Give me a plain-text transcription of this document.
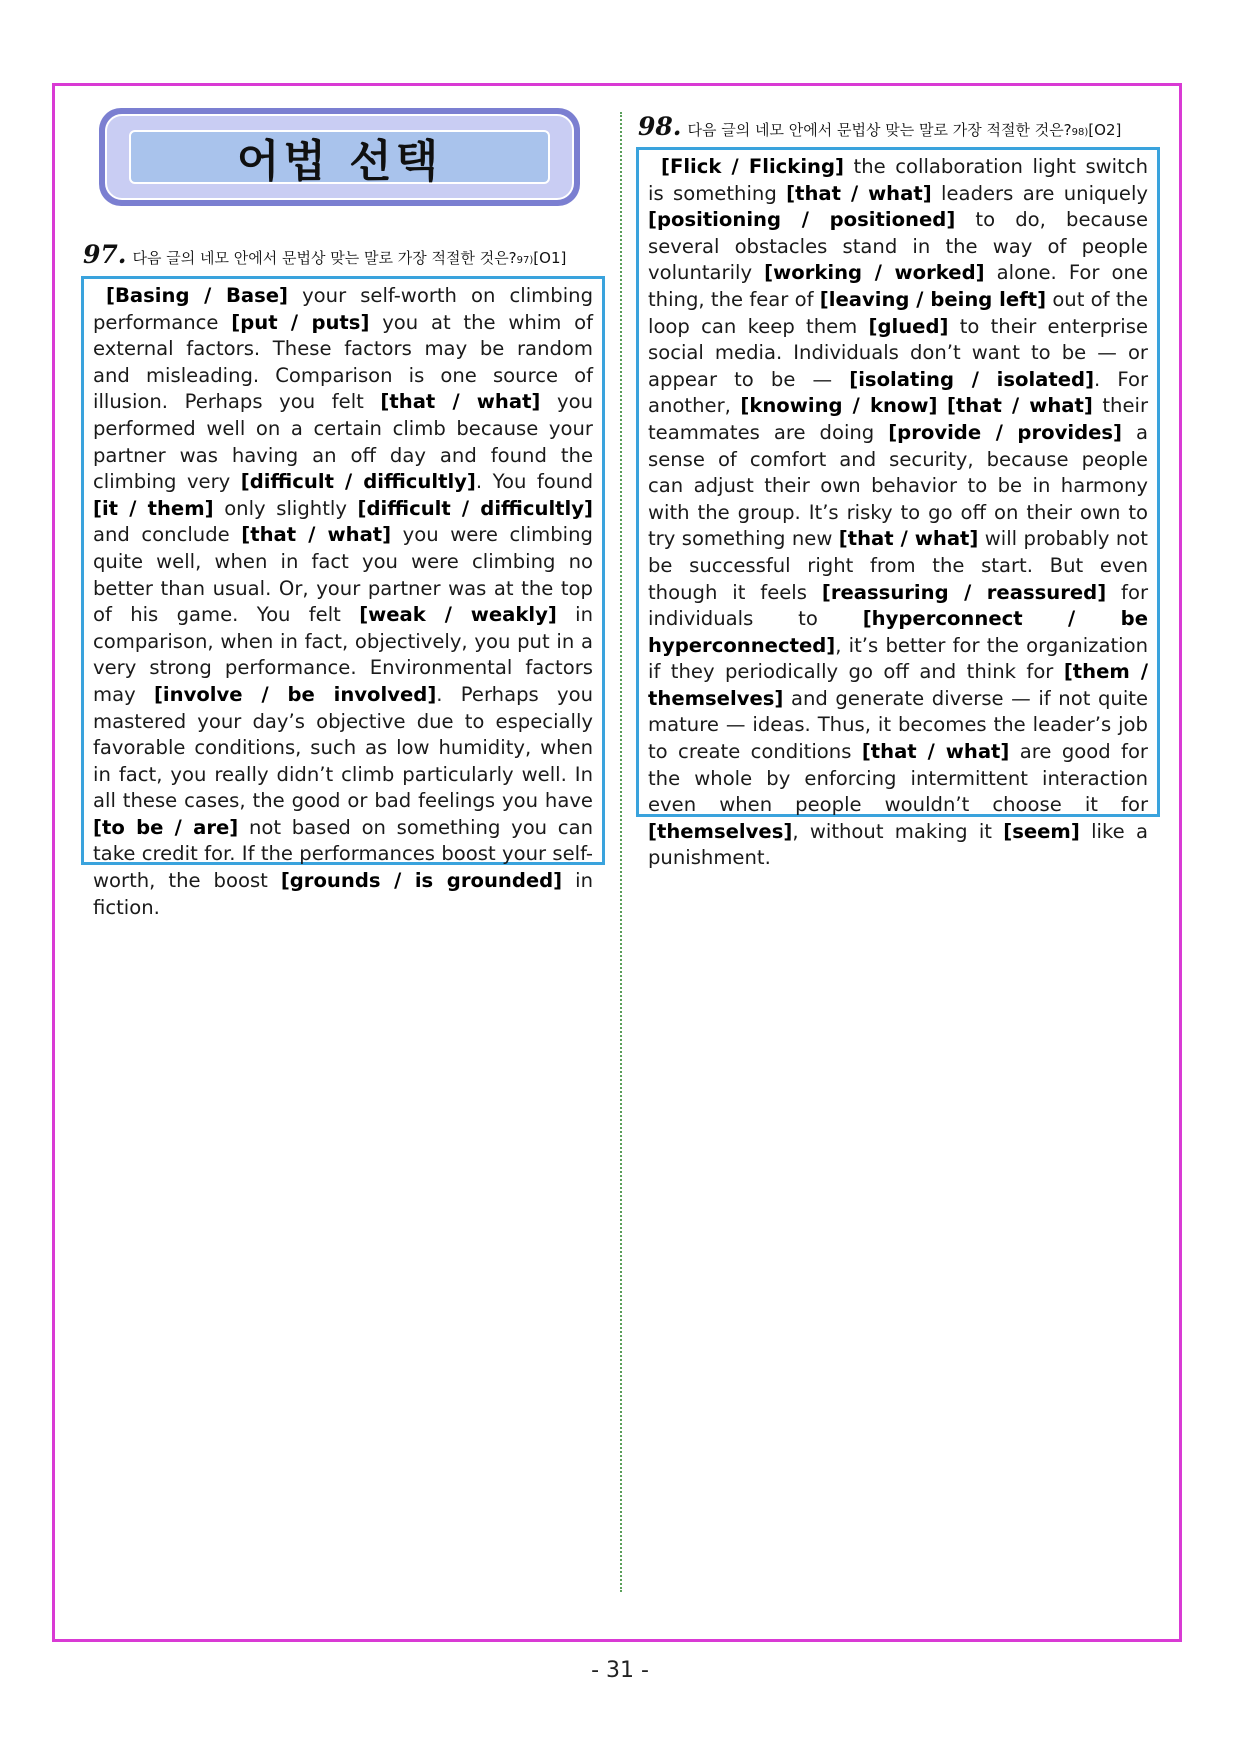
어법 선택
97. 다음 글의 네모 안에서 문법상 맞는 말로 가장 적절한 것은? 97) [O1]

[Basing / Base] your self-worth on climbing performance [put / puts] you at the whim of external factors. These factors may be random and misleading. Comparison is one source of illusion. Perhaps you felt [that / what] you performed well on a certain climb because your partner was having an off day and found the climbing very [difficult / difficultly]. You found [it / them] only slightly [difficult / difficultly] and conclude [that / what] you were climbing quite well, when in fact you were climbing no better than usual. Or, your partner was at the top of his game. You felt [weak / weakly] in comparison, when in fact, objectively, you put in a very strong performance. Environmental factors may [involve / be involved]. Perhaps you mastered your day’s objective due to especially favorable conditions, such as low humidity, when in fact, you really didn’t climb particularly well. In all these cases, the good or bad feelings you have [to be / are] not based on something you can take credit for. If the performances boost your self-worth, the boost [grounds / is grounded] in fiction.

98. 다음 글의 네모 안에서 문법상 맞는 말로 가장 적절한 것은? 98) [O2]

[Flick / Flicking] the collaboration light switch is something [that / what] leaders are uniquely [positioning / positioned] to do, because several obstacles stand in the way of people voluntarily [working / worked] alone. For one thing, the fear of [leaving / being left] out of the loop can keep them [glued] to their enterprise social media. Individuals don’t want to be — or appear to be — [isolating / isolated]. For another, [knowing / know] [that / what] their teammates are doing [provide / provides] a sense of comfort and security, because people can adjust their own behavior to be in harmony with the group. It’s risky to go off on their own to try something new [that / what] will probably not be successful right from the start. But even though it feels [reassuring / reassured] for individuals to [hyperconnect / be hyperconnected], it’s better for the organization if they periodically go off and think for [them / themselves] and generate diverse — if not quite mature — ideas. Thus, it becomes the leader’s job to create conditions [that / what] are good for the whole by enforcing intermittent interaction even when people wouldn’t choose it for [themselves], without making it [seem] like a punishment.

- 31 -
